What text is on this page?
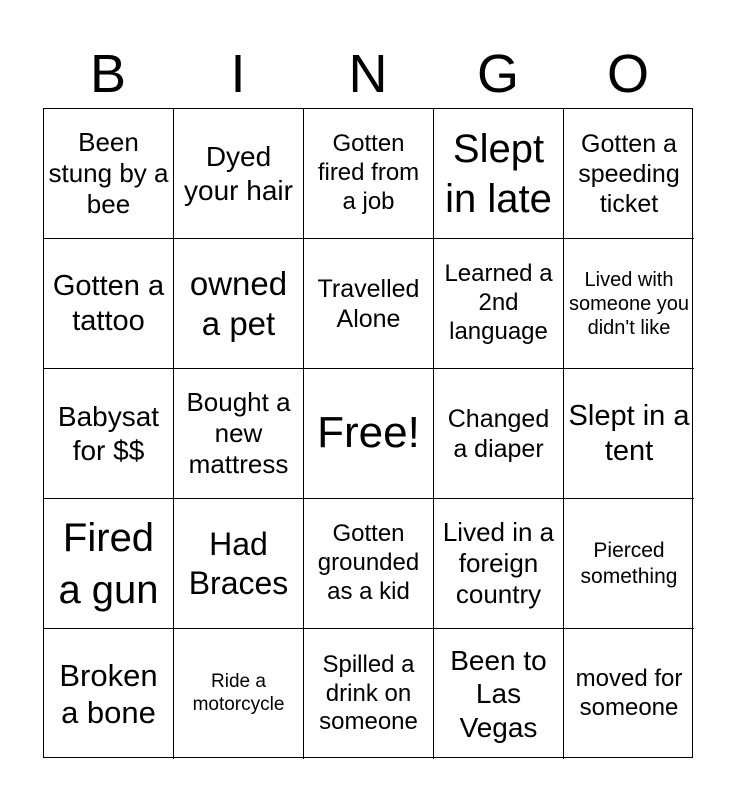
B	I	N	G	O
Been stung by a bee
Dyed your hair
Gotten fired from a job
Slept in late
Gotten a speeding ticket
Gotten a tattoo
owned a pet
Travelled Alone
Learned a 2nd language
Lived with someone you didn't like
Babysat for $$
Bought a new mattress
Free!	Changed a diaper
Slept in a tent
Fired a gun
Had Braces
Gotten grounded as a kid
Lived in a foreign country
Pierced something
Broken a bone
Ride a motorcycle
Spilled a drink on someone
Been to Las Vegas
moved for someone
